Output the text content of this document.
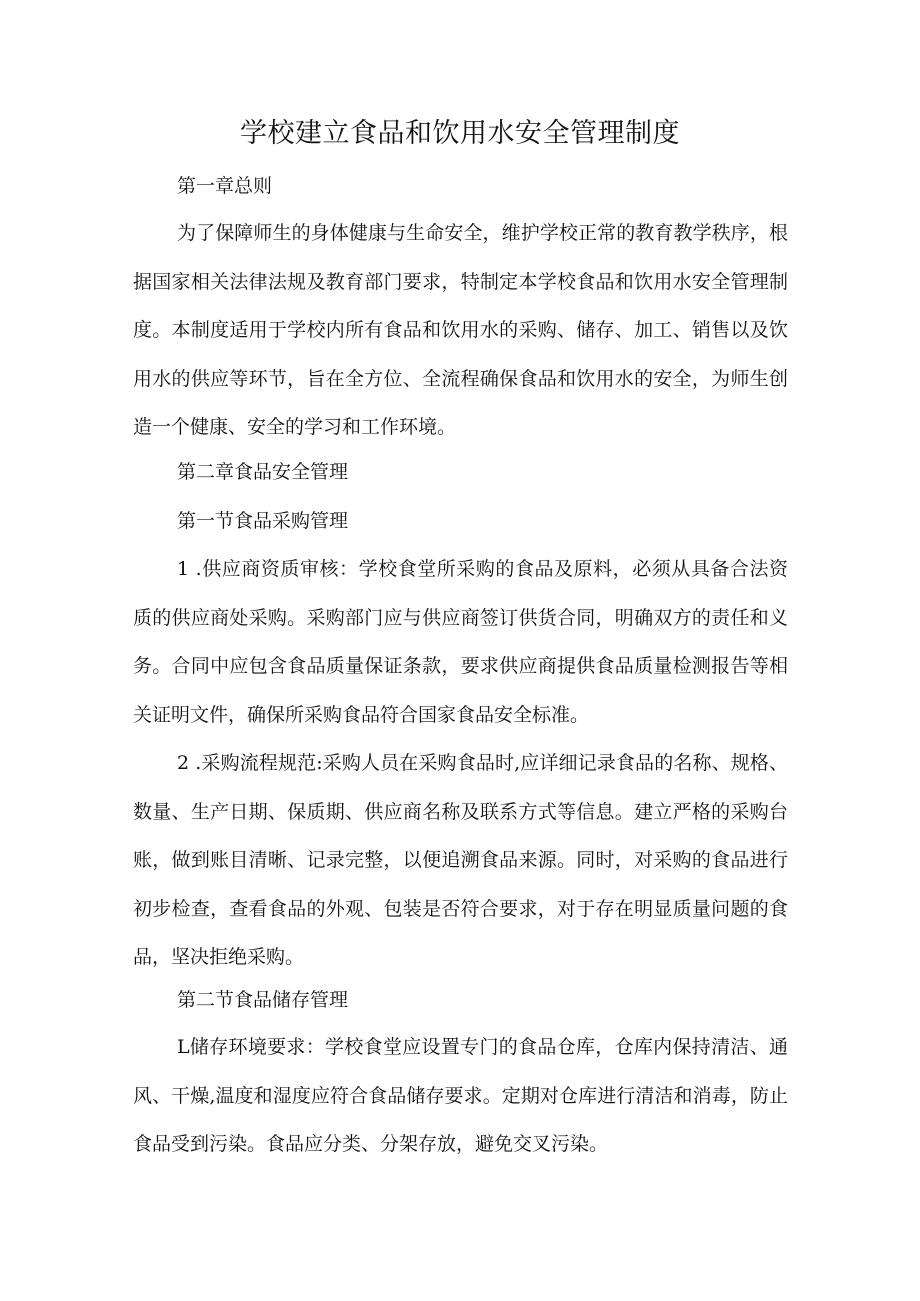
学校建立食品和饮用水安全管理制度
第一章总则

为了保障师生的身体健康与生命安全，维护学校正常的教育教学秩序，根据国家相关法律法规及教育部门要求，特制定本学校食品和饮用水安全管理制度。本制度适用于学校内所有食品和饮用水的采购、储存、加工、销售以及饮用水的供应等环节，旨在全方位、全流程确保食品和饮用水的安全，为师生创造一个健康、安全的学习和工作环境。

第二章食品安全管理
第一节食品采购管理

1 .供应商资质审核：学校食堂所采购的食品及原料，必须从具备合法资质的供应商处采购。采购部门应与供应商签订供货合同，明确双方的责任和义务。合同中应包含食品质量保证条款，要求供应商提供食品质量检测报告等相关证明文件，确保所采购食品符合国家食品安全标准。

2 .采购流程规范:采购人员在采购食品时,应详细记录食品的名称、规格、数量、生产日期、保质期、供应商名称及联系方式等信息。建立严格的采购台账，做到账目清晰、记录完整，以便追溯食品来源。同时，对采购的食品进行初步检查，查看食品的外观、包装是否符合要求，对于存在明显质量问题的食品，坚决拒绝采购。

第二节食品储存管理

L储存环境要求：学校食堂应设置专门的食品仓库，仓库内保持清洁、通风、干燥,温度和湿度应符合食品储存要求。定期对仓库进行清洁和消毒，防止食品受到污染。食品应分类、分架存放，避免交叉污染。
